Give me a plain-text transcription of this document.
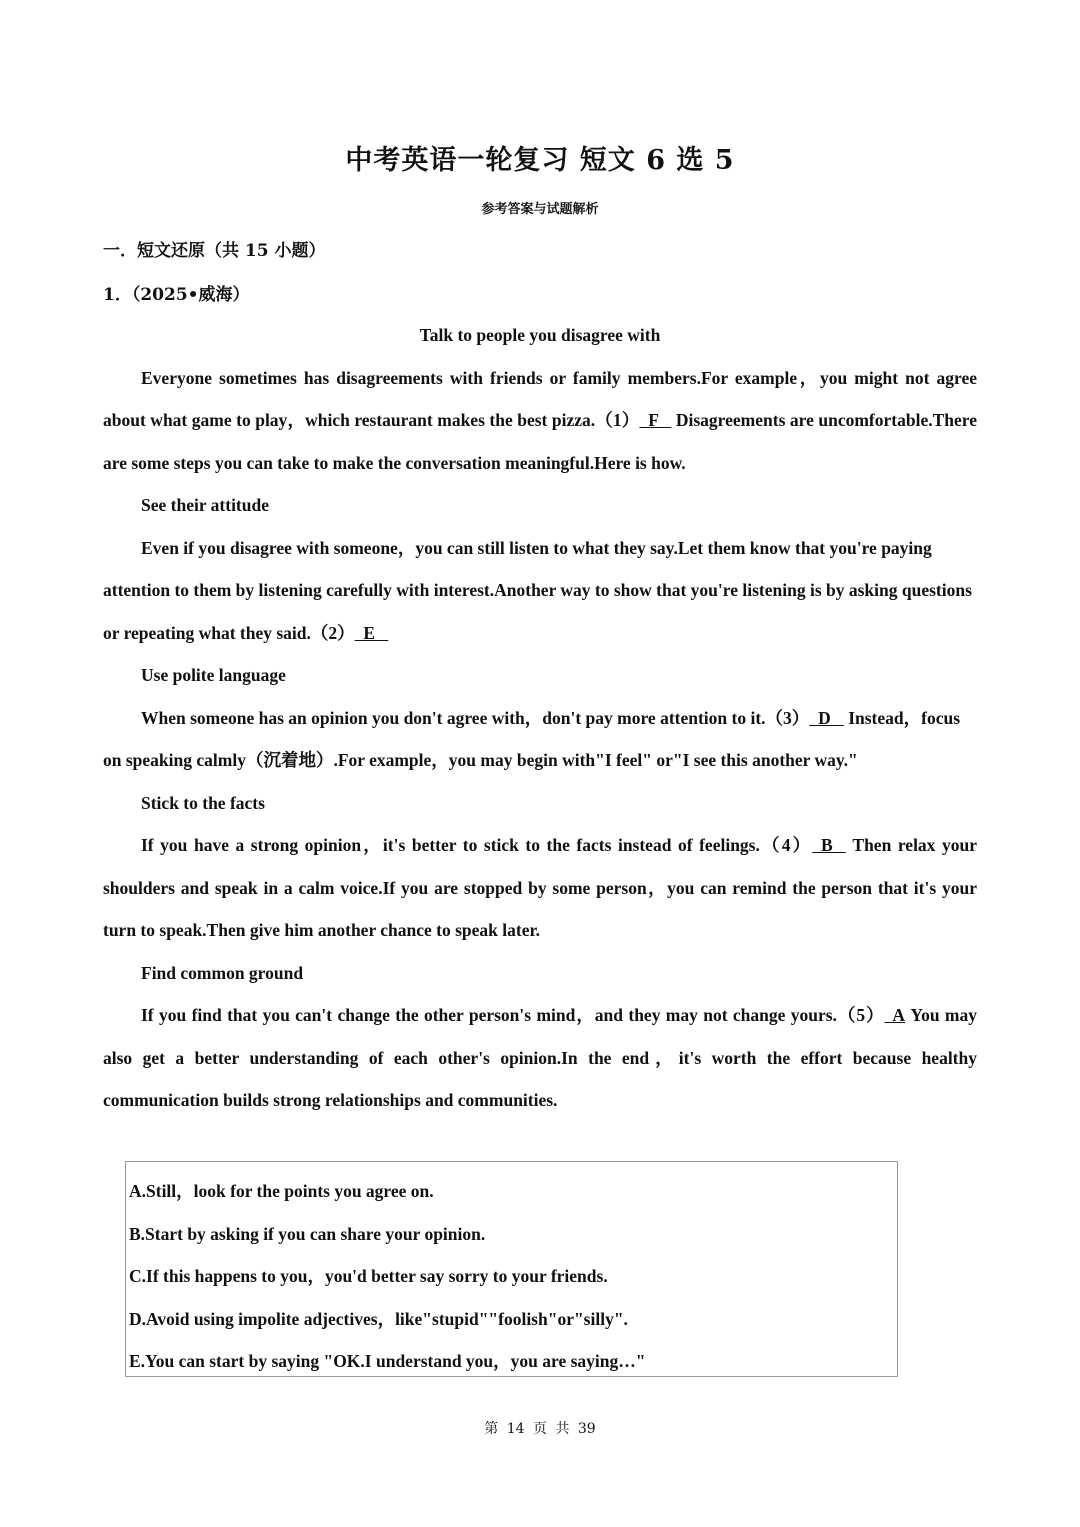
中考英语一轮复习 短文 6 选 5
参考答案与试题解析
一．短文还原（共 15 小题）
1．（2025•威海）

Talk to people you disagree with

Everyone sometimes has disagreements with friends or family members.For example，you might not agree about what game to play，which restaurant makes the best pizza.（1）  F    Disagreements are uncomfortable.There are some steps you can take to make the conversation meaningful.Here is how.

See their attitude

Even if you disagree with someone，you can still listen to what they say.Let them know that you're paying attention to them by listening carefully with interest.Another way to show that you're listening is by asking questions or repeating what they said.（2）  E

Use polite language

When someone has an opinion you don't agree with，don't pay more attention to it.（3）  D    Instead，focus on speaking calmly（沉着地）.For example，you may begin with"I feel" or"I see this another way."

Stick to the facts

If you have a strong opinion，it's better to stick to the facts instead of feelings.（4）  B    Then relax your shoulders and speak in a calm voice.If you are stopped by some person，you can remind the person that it's your turn to speak.Then give him another chance to speak later.

Find common ground

If you find that you can't change the other person's mind，and they may not change yours.（5）  A You may also get a better understanding of each other's opinion.In the end，it's worth the effort because healthy communication builds strong relationships and communities.

A.Still，look for the points you agree on.
B.Start by asking if you can share your opinion.
C.If this happens to you，you'd better say sorry to your friends.
D.Avoid using impolite adjectives，like"stupid""foolish"or"silly".
E.You can start by saying "OK.I understand you，you are saying…"
第 14 页 共 39
